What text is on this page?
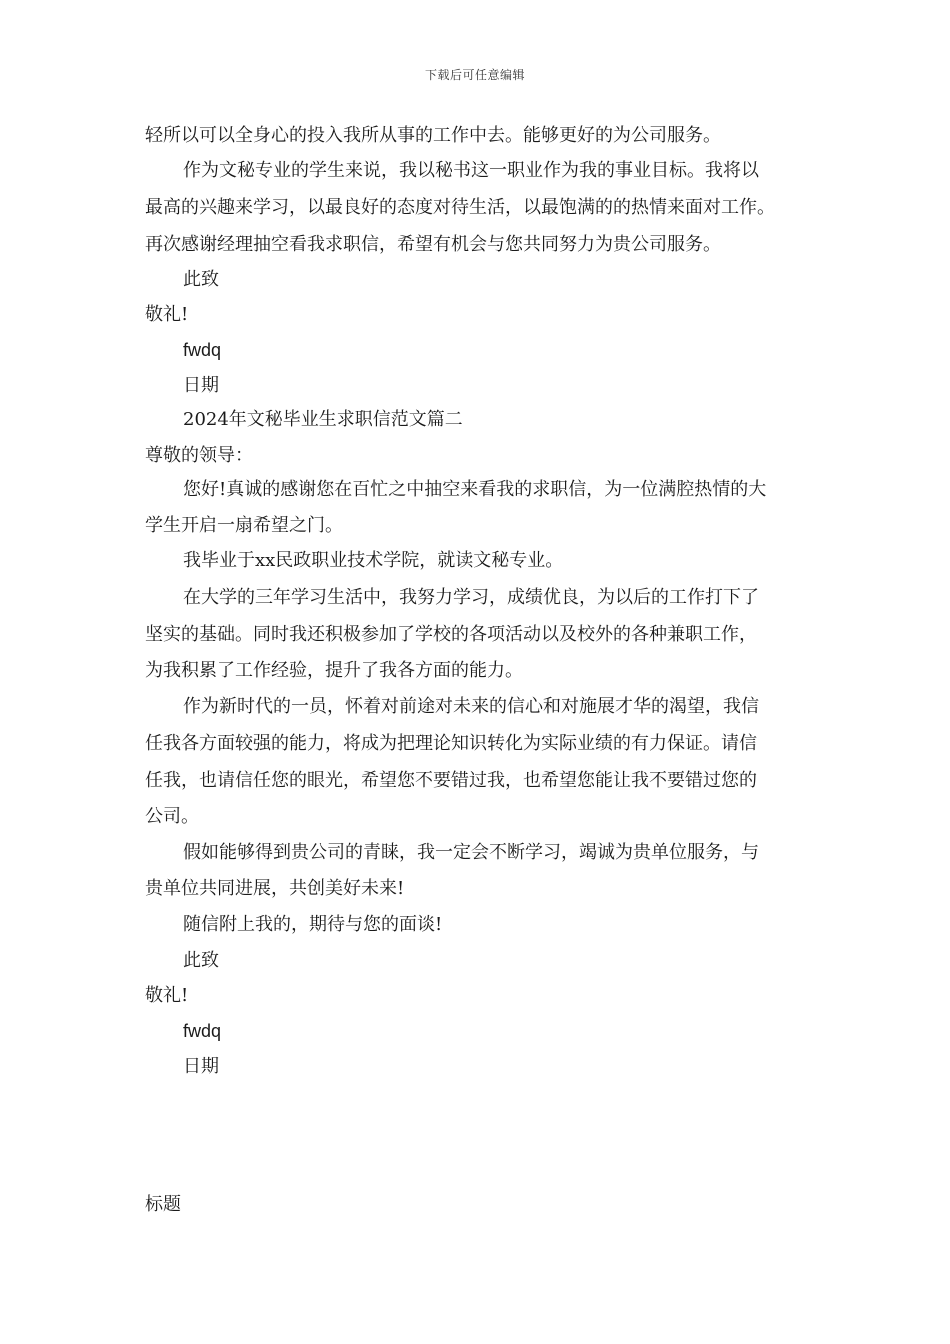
下载后可任意编辑
轻所以可以全身心的投入我所从事的工作中去。能够更好的为公司服务。
作为文秘专业的学生来说，我以秘书这一职业作为我的事业目标。我将以
最高的兴趣来学习，以最良好的态度对待生活，以最饱满的的热情来面对工作。
再次感谢经理抽空看我求职信，希望有机会与您共同努力为贵公司服务。
此致
敬礼!
fwdq
日期
2024年文秘毕业生求职信范文篇二
尊敬的领导：
您好!真诚的感谢您在百忙之中抽空来看我的求职信，为一位满腔热情的大
学生开启一扇希望之门。
我毕业于xx民政职业技术学院，就读文秘专业。
在大学的三年学习生活中，我努力学习，成绩优良，为以后的工作打下了
坚实的基础。同时我还积极参加了学校的各项活动以及校外的各种兼职工作，
为我积累了工作经验，提升了我各方面的能力。
作为新时代的一员，怀着对前途对未来的信心和对施展才华的渴望，我信
任我各方面较强的能力，将成为把理论知识转化为实际业绩的有力保证。请信
任我，也请信任您的眼光，希望您不要错过我，也希望您能让我不要错过您的
公司。
假如能够得到贵公司的青睐，我一定会不断学习，竭诚为贵单位服务，与
贵单位共同进展，共创美好未来!
随信附上我的，期待与您的面谈!
此致
敬礼!
fwdq
日期
标题
